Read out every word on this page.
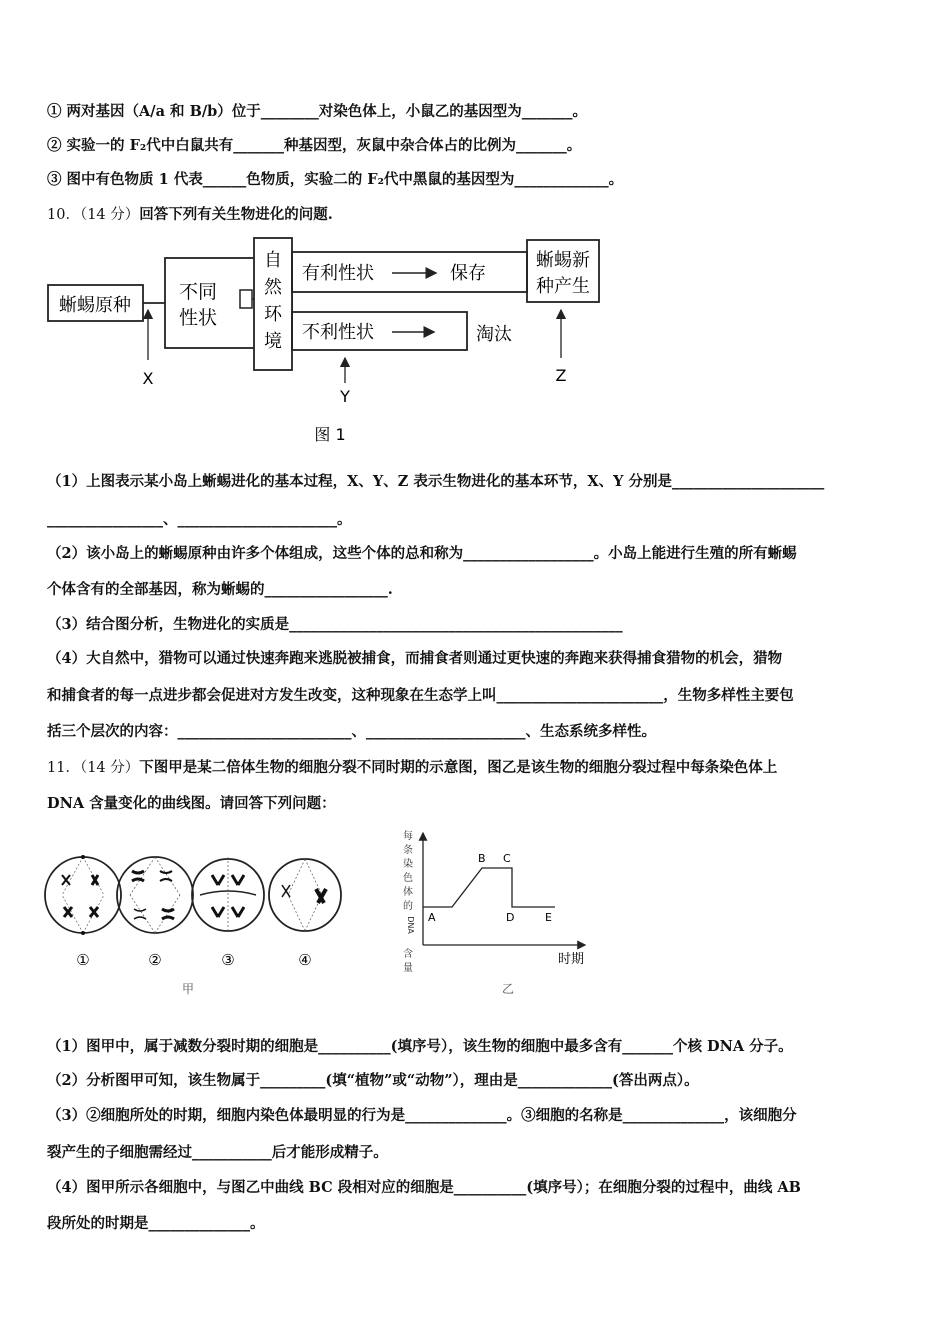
① 两对基因（A/a 和 B/b）位于________对染色体上，小鼠乙的基因型为_______。
② 实验一的 F₂代中白鼠共有_______种基因型，灰鼠中杂合体占的比例为_______。
③ 图中有色物质 1 代表______色物质，实验二的 F₂代中黑鼠的基因型为_____________。
10．（14 分）回答下列有关生物进化的问题.
蜥蜴原种
不同
性状
自
然
环
境
有利性状	保存
不利性状	淘汰
蜥蜴新
种产生
X
Y
Z
图 1
（1）上图表示某小岛上蜥蜴进化的基本过程，X、Y、Z 表示生物进化的基本环节，X、Y 分别是_____________________
________________、______________________。
（2）该小岛上的蜥蜴原种由许多个体组成，这些个体的总和称为__________________。小岛上能进行生殖的所有蜥蜴
个体含有的全部基因，称为蜥蜴的_________________.
（3）结合图分析，生物进化的实质是______________________________________________
（4）大自然中，猎物可以通过快速奔跑来逃脱被捕食，而捕食者则通过更快速的奔跑来获得捕食猎物的机会，猎物
和捕食者的每一点进步都会促进对方发生改变，这种现象在生态学上叫_______________________，生物多样性主要包
括三个层次的内容：________________________、______________________、生态系统多样性。
11．（14 分）下图甲是某二倍体生物的细胞分裂不同时期的示意图，图乙是该生物的细胞分裂过程中每条染色体上
DNA 含量变化的曲线图。请回答下列问题：
①	②	③	④
甲
每
条
染
色
体
的
DNA
含
量
A
B C
D	E
时期
乙
（1）图甲中，属于减数分裂时期的细胞是__________(填序号），该生物的细胞中最多含有_______个核 DNA 分子。
（2）分析图甲可知，该生物属于_________(填“植物”或“动物”），理由是_____________(答出两点）。
（3）②细胞所处的时期，细胞内染色体最明显的行为是______________。③细胞的名称是______________，该细胞分
裂产生的子细胞需经过___________后才能形成精子。
（4）图甲所示各细胞中，与图乙中曲线 BC 段相对应的细胞是__________(填序号）；在细胞分裂的过程中，曲线 AB
段所处的时期是______________。
